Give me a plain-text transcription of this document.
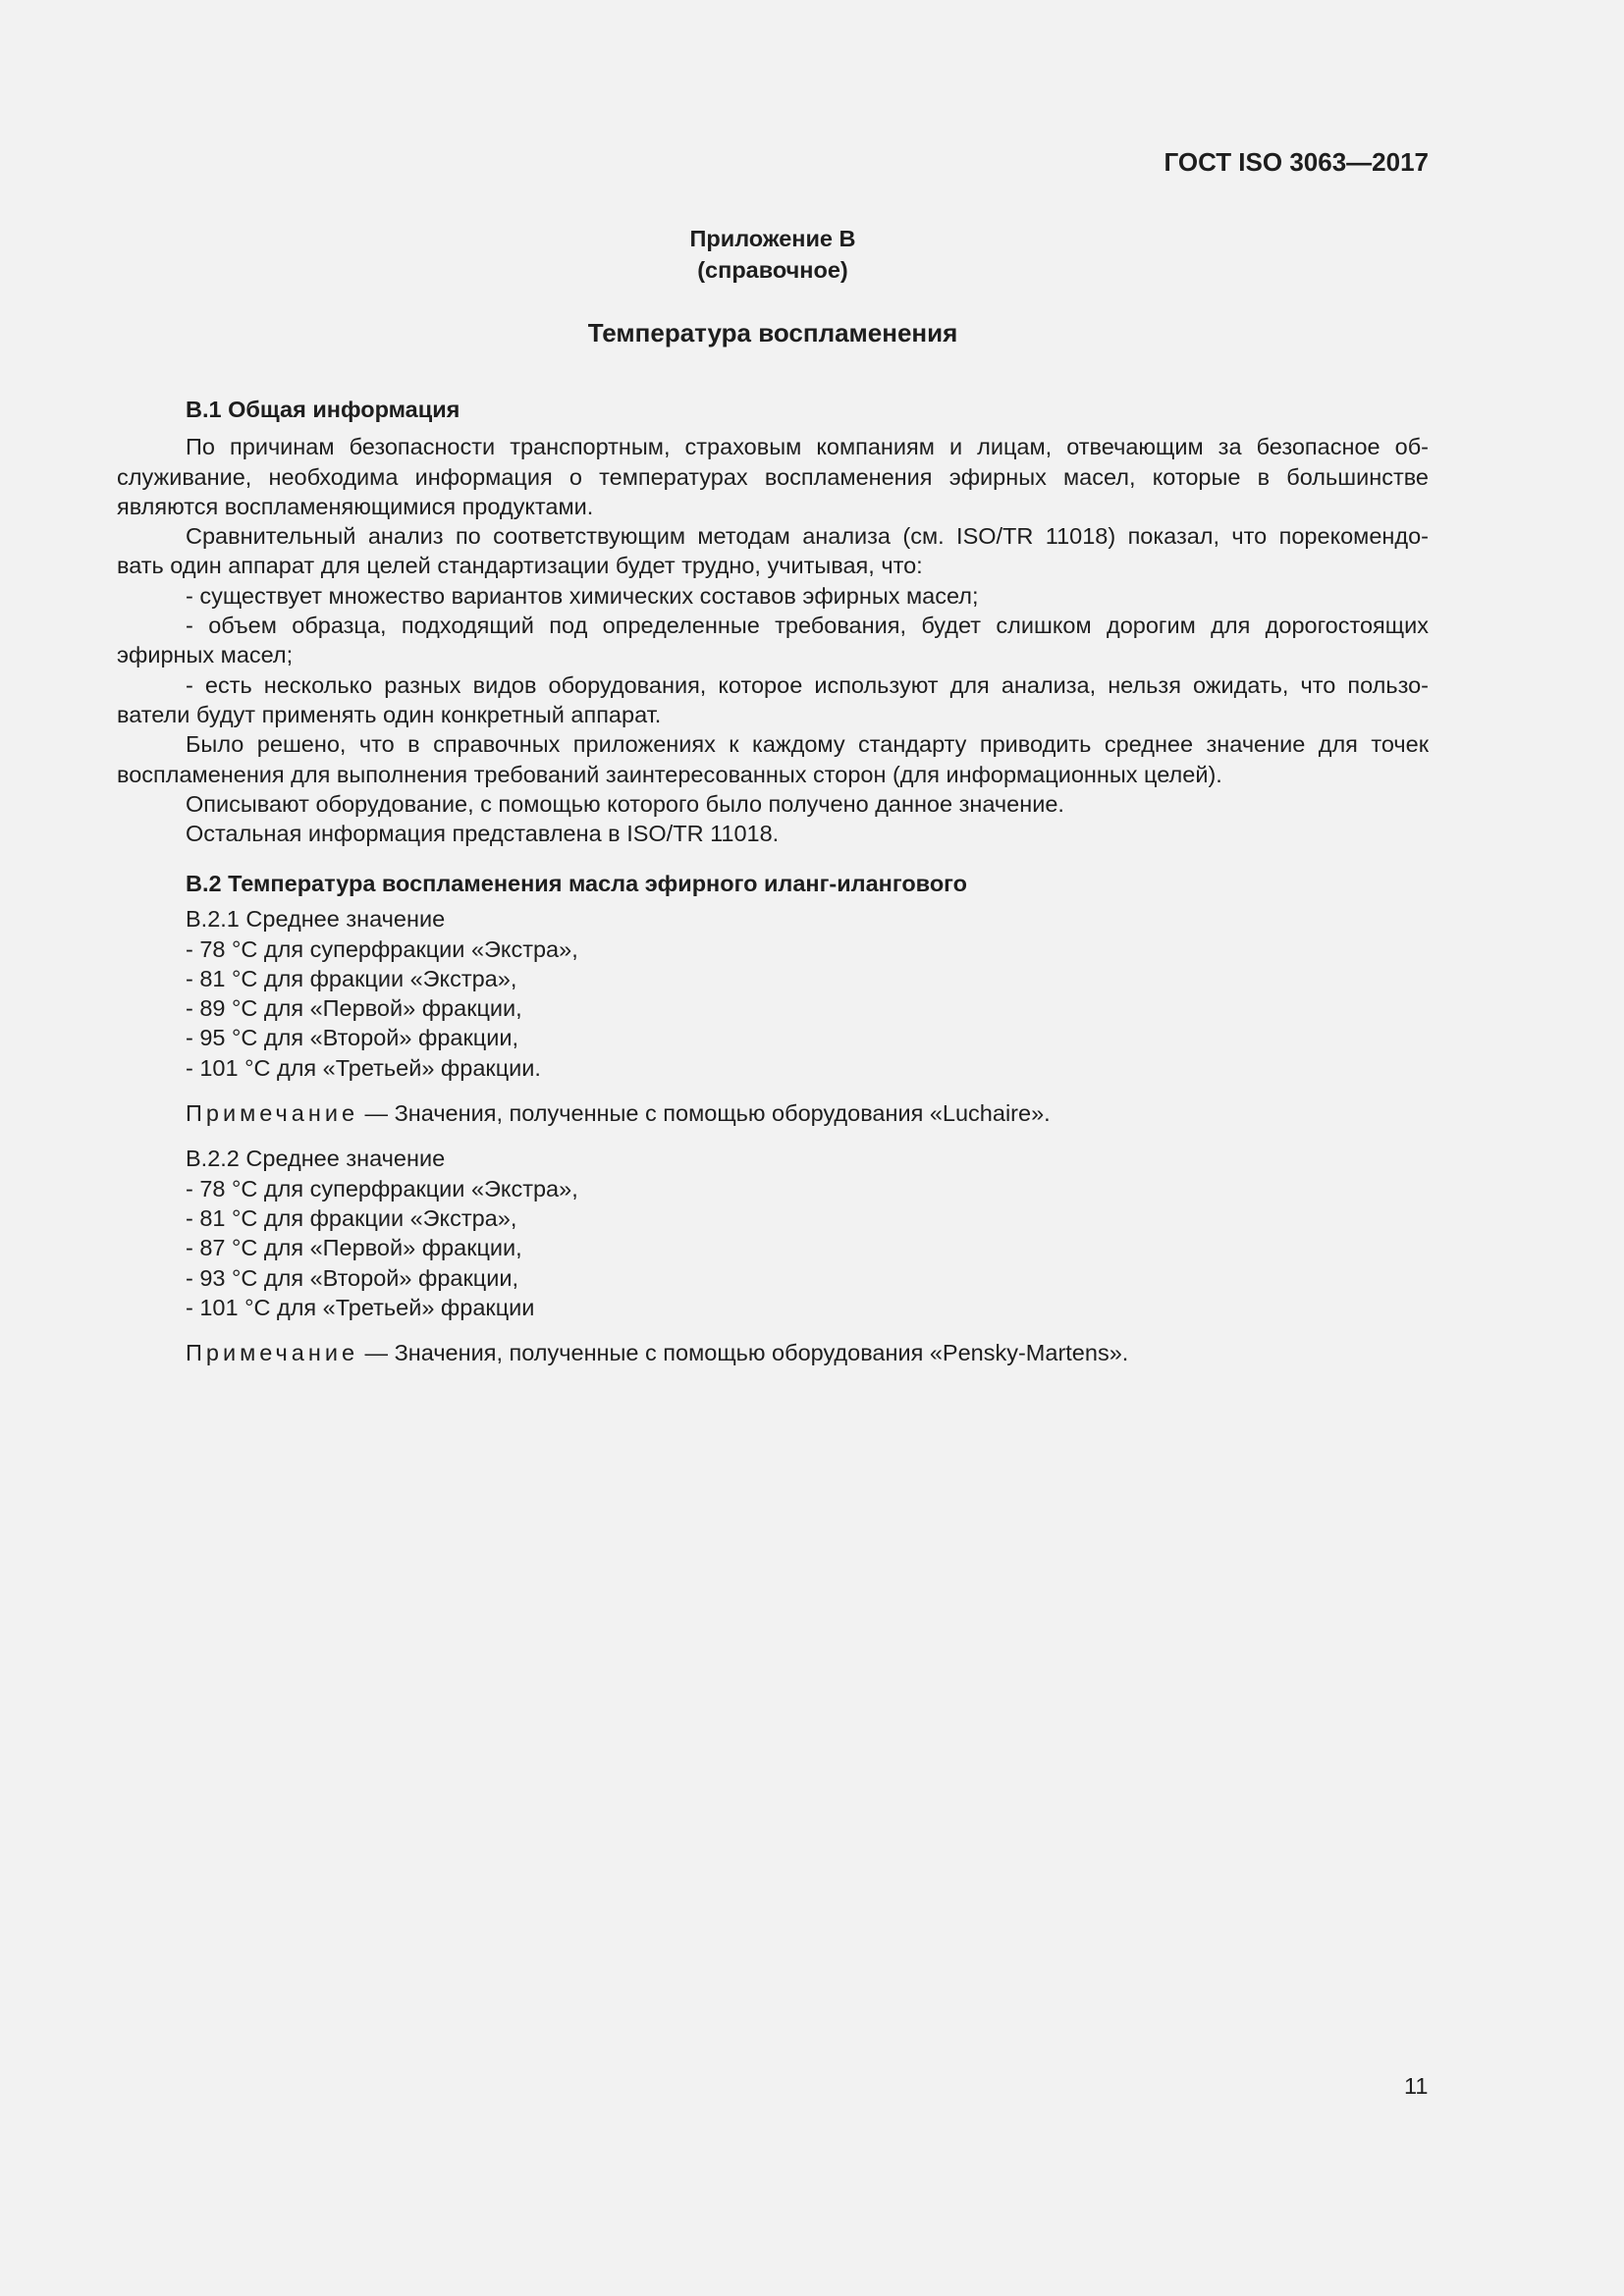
ГОСТ ISO 3063—2017
Приложение В
(справочное)
Температура воспламенения
В.1 Общая информация
По причинам безопасности транспортным, страховым компаниям и лицам, отвечающим за безопасное об-
служивание, необходима информация о температурах воспламенения эфирных масел, которые в большинстве
являются воспламеняющимися продуктами.
Сравнительный анализ по соответствующим методам анализа (см. ISO/TR 11018) показал, что порекомендо-
вать один аппарат для целей стандартизации будет трудно, учитывая, что:
- существует множество вариантов химических составов эфирных масел;
- объем образца, подходящий под определенные требования, будет слишком дорогим для дорогостоящих
эфирных масел;
- есть несколько разных видов оборудования, которое используют для анализа, нельзя ожидать, что пользо-
ватели будут применять один конкретный аппарат.
Было решено, что в справочных приложениях к каждому стандарту приводить среднее значение для точек
воспламенения для выполнения требований заинтересованных сторон (для информационных целей).
Описывают оборудование, с помощью которого было получено данное значение.
Остальная информация представлена в ISO/TR 11018.
В.2 Температура воспламенения масла эфирного иланг-илангового
В.2.1 Среднее значение
- 78 °С для суперфракции «Экстра»,
- 81 °С для фракции «Экстра»,
- 89 °С для «Первой» фракции,
- 95 °С для «Второй» фракции,
- 101 °С для «Третьей» фракции.
Примечание — Значения, полученные с помощью оборудования «Luchaire».
В.2.2 Среднее значение
- 78 °С для суперфракции «Экстра»,
- 81 °С для фракции «Экстра»,
- 87 °С для «Первой» фракции,
- 93 °С для «Второй» фракции,
- 101 °С для «Третьей» фракции
Примечание — Значения, полученные с помощью оборудования «Pensky-Martens».
11
